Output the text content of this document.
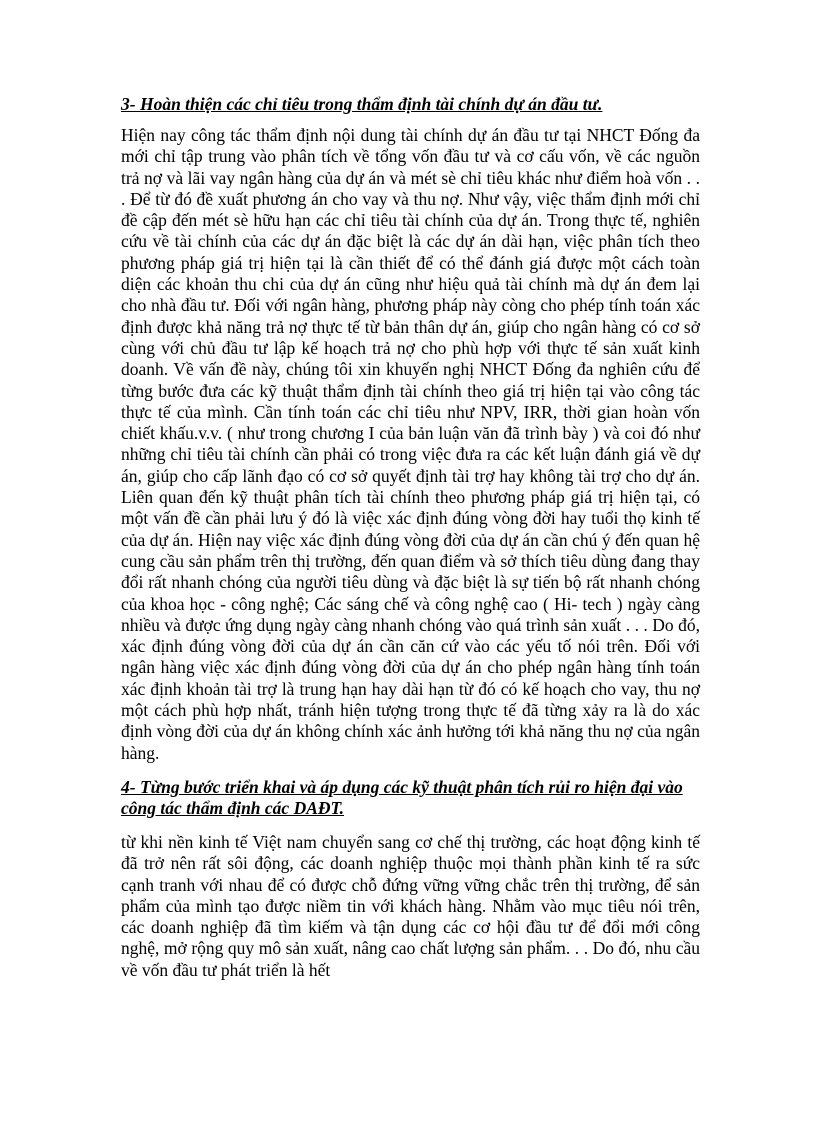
3- Hoàn thiện các chỉ tiêu trong thẩm định tài chính dự án đầu tư.

Hiện nay công tác thẩm định nội dung tài chính dự án đầu tư tại NHCT Đống đa mới chỉ tập trung vào phân tích về tổng vốn đầu tư và cơ cấu vốn, về các nguồn trả nợ và lãi vay ngân hàng của dự án và mét sè chỉ tiêu khác như điểm hoà vốn . . . Để từ đó đề xuất phương án cho vay và thu nợ. Như vậy, việc thẩm định mới chỉ đề cập đến mét sè hữu hạn các chỉ tiêu tài chính của dự án. Trong thực tế, nghiên cứu về tài chính của các dự án đặc biệt là các dự án dài hạn, việc phân tích theo phương pháp giá trị hiện tại là cần thiết để có thể đánh giá được một cách toàn diện các khoản thu chi của dự án cũng như hiệu quả tài chính mà dự án đem lại cho nhà đầu tư. Đối với ngân hàng, phương pháp này còng cho phép tính toán xác định được khả năng trả nợ thực tế từ bản thân dự án, giúp cho ngân hàng có cơ sở cùng với chủ đầu tư lập kế hoạch trả nợ cho phù hợp với thực tế sản xuất kinh doanh. Về vấn đề này, chúng tôi xin khuyến nghị NHCT Đống đa nghiên cứu để từng bước đưa các kỹ thuật thẩm định tài chính theo giá trị hiện tại vào công tác thực tế của mình. Cần tính toán các chỉ tiêu như NPV, IRR, thời gian hoàn vốn chiết khấu.v.v. ( như trong chương I của bản luận văn đã trình bày ) và coi đó như những chỉ tiêu tài chính cần phải có trong việc đưa ra các kết luận đánh giá về dự án, giúp cho cấp lãnh đạo có cơ sở quyết định tài trợ hay không tài trợ cho dự án. Liên quan đến kỹ thuật phân tích tài chính theo phương pháp giá trị hiện tại, có một vấn đề cần phải lưu ý đó là việc xác định đúng vòng đời hay tuổi thọ kinh tế của dự án. Hiện nay việc xác định đúng vòng đời của dự án cần chú ý đến quan hệ cung cầu sản phẩm trên thị trường, đến quan điểm và sở thích tiêu dùng đang thay đổi rất nhanh chóng của người tiêu dùng và đặc biệt là sự tiến bộ rất nhanh chóng của khoa học - công nghệ; Các sáng chế và công nghệ cao ( Hi- tech ) ngày càng nhiều và được ứng dụng ngày càng nhanh chóng vào quá trình sản xuất . . . Do đó, xác định đúng vòng đời của dự án cần căn cứ vào các yếu tố nói trên. Đối với ngân hàng việc xác định đúng vòng đời của dự án cho phép ngân hàng tính toán xác định khoản tài trợ là trung hạn hay dài hạn từ đó có kế hoạch cho vay, thu nợ một cách phù hợp nhất, tránh hiện tượng trong thực tế đã từng xảy ra là do xác định vòng đời của dự án không chính xác ảnh hưởng tới khả năng thu nợ của ngân hàng.

4- Từng bước triển khai và áp dụng các kỹ thuật phân tích rủi ro hiện đại vào công tác thẩm định các DAĐT.

từ khi nền kinh tế Việt nam chuyển sang cơ chế thị trường, các hoạt động kinh tế đã trở nên rất sôi động, các doanh nghiệp thuộc mọi thành phần kinh tế ra sức cạnh tranh với nhau để có được chỗ đứng vững vững chắc trên thị trường, để sản phẩm của mình tạo được niềm tin với khách hàng. Nhằm vào mục tiêu nói trên, các doanh nghiệp đã tìm kiếm và tận dụng các cơ hội đầu tư để đổi mới công nghệ, mở rộng quy mô sản xuất, nâng cao chất lượng sản phẩm. . . Do đó, nhu cầu về vốn đầu tư phát triển là hết
